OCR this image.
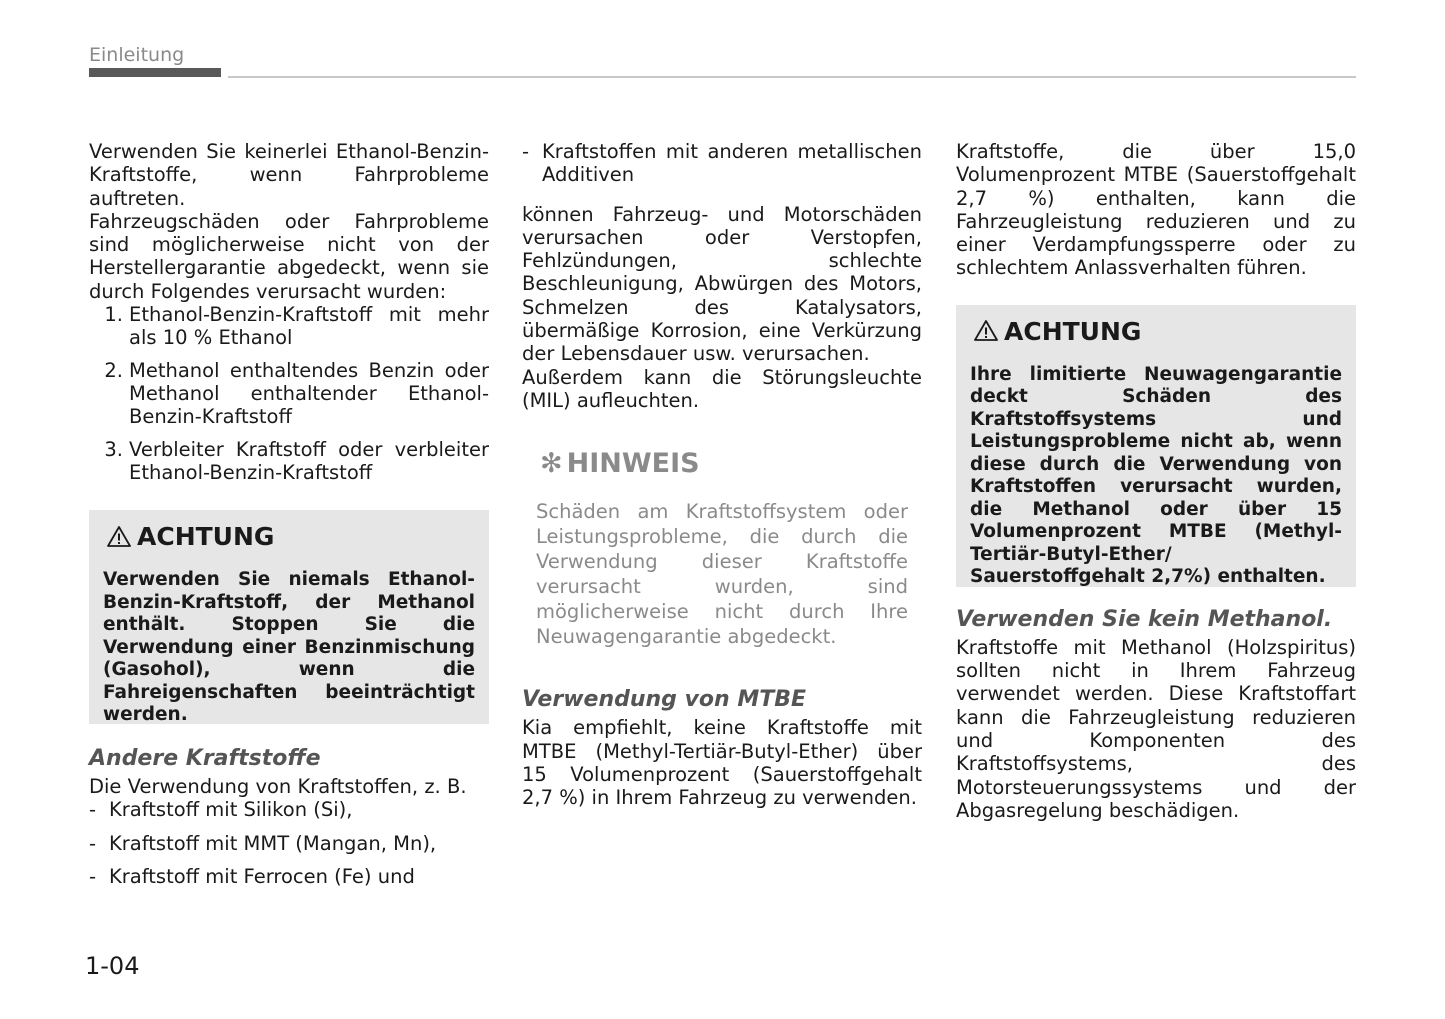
Einleitung

Verwenden Sie keinerlei Ethanol-Benzin-Kraftstoffe, wenn Fahrprobleme auftreten.

Fahrzeugschäden oder Fahrprobleme sind möglicherweise nicht von der Herstellergarantie abgedeckt, wenn sie durch Folgendes verursacht wurden:

1. Ethanol-Benzin-Kraftstoff mit mehr als 10 % Ethanol
2. Methanol enthaltendes Benzin oder Methanol enthaltender Ethanol-Benzin-Kraftstoff
3. Verbleiter Kraftstoff oder verbleiter Ethanol-Benzin-Kraftstoff
ACHTUNG

Verwenden Sie niemals Ethanol-Benzin-Kraftstoff, der Methanol enthält. Stoppen Sie die Verwendung einer Benzinmischung (Gasohol), wenn die Fahreigenschaften beeinträchtigt werden.

Andere Kraftstoffe

Die Verwendung von Kraftstoffen, z. B.

- Kraftstoff mit Silikon (Si),
- Kraftstoff mit MMT (Mangan, Mn),
- Kraftstoff mit Ferrocen (Fe) und
- Kraftstoffen mit anderen metallischen Additiven

können Fahrzeug- und Motorschäden verursachen oder Verstopfen, Fehlzündungen, schlechte Beschleunigung, Abwürgen des Motors, Schmelzen des Katalysators, übermäßige Korrosion, eine Verkürzung der Lebensdauer usw. verursachen.

Außerdem kann die Störungsleuchte (MIL) aufleuchten.

✻ HINWEIS

Schäden am Kraftstoffsystem oder Leistungsprobleme, die durch die Verwendung dieser Kraftstoffe verursacht wurden, sind möglicherweise nicht durch Ihre Neuwagengarantie abgedeckt.

Verwendung von MTBE

Kia empfiehlt, keine Kraftstoffe mit MTBE (Methyl-Tertiär-Butyl-Ether) über 15 Volumenprozent (Sauerstoffgehalt 2,7 %) in Ihrem Fahrzeug zu verwenden.

Kraftstoffe, die über 15,0 Volumenprozent MTBE (Sauerstoffgehalt 2,7 %) enthalten, kann die Fahrzeugleistung reduzieren und zu einer Verdampfungssperre oder zu schlechtem Anlassverhalten führen.

ACHTUNG

Ihre limitierte Neuwagengarantie deckt Schäden des Kraftstoffsystems und Leistungsprobleme nicht ab, wenn diese durch die Verwendung von Kraftstoffen verursacht wurden, die Methanol oder über 15 Volumenprozent MTBE (Methyl-Tertiär-Butyl-Ether/ Sauerstoffgehalt 2,7%) enthalten.

Verwenden Sie kein Methanol.

Kraftstoffe mit Methanol (Holzspiritus) sollten nicht in Ihrem Fahrzeug verwendet werden. Diese Kraftstoffart kann die Fahrzeugleistung reduzieren und Komponenten des Kraftstoffsystems, des Motorsteuerungssystems und der Abgasregelung beschädigen.

1-04
